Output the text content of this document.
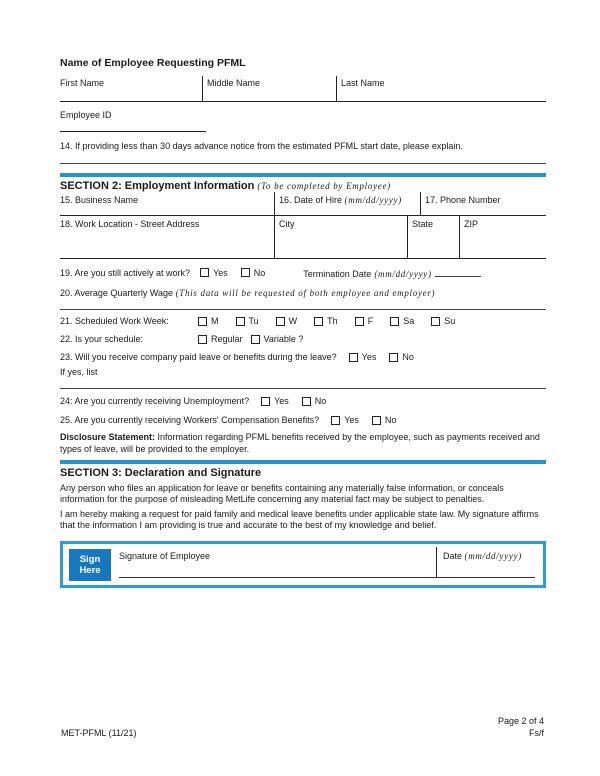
Name of Employee Requesting PFML
First Name	Middle Name	Last Name
Employee ID
14. If providing less than 30 days advance notice from the estimated PFML start date, please explain.
SECTION 2: Employment Information (To be completed by Employee)
15. Business Name	16. Date of Hire (mm/dd/yyyy)	17. Phone Number
18. Work Location - Street Address	City	State	ZIP
19. Are you still actively at work?	Yes	No	Termination Date (mm/dd/yyyy)
20. Average Quarterly Wage
(This data will be requested of both employee and employer)
21. Scheduled Work Week:	M	Tu	W	Th	F	Sa	Su
22. Is your schedule:	Regular Variable ?
23. Will you receive company paid leave or benefits during the leave?	Yes	No
If yes, list
24: Are you currently receiving Unemployment?	Yes	No
25. Are you currently receiving Workers' Compensation Benefits?	Yes	No
Disclosure Statement: Information regarding PFML benefits received by the employee, such as payments received and types of leave, will be provided to the employer.
SECTION 3: Declaration and Signature
Any person who files an application for leave or benefits containing any materially false information, or conceals information for the purpose of misleading MetLife concerning any material fact may be subject to penalties.
I am hereby making a request for paid family and medical leave benefits under applicable state law. My signature affirms that the information I am providing is true and accurate to the best of my knowledge and belief.
Sign
Here
Signature of Employee	Date (mm/dd/yyyy)
Page 2 of 4
MET-PFML (11/21)	Fs/f
